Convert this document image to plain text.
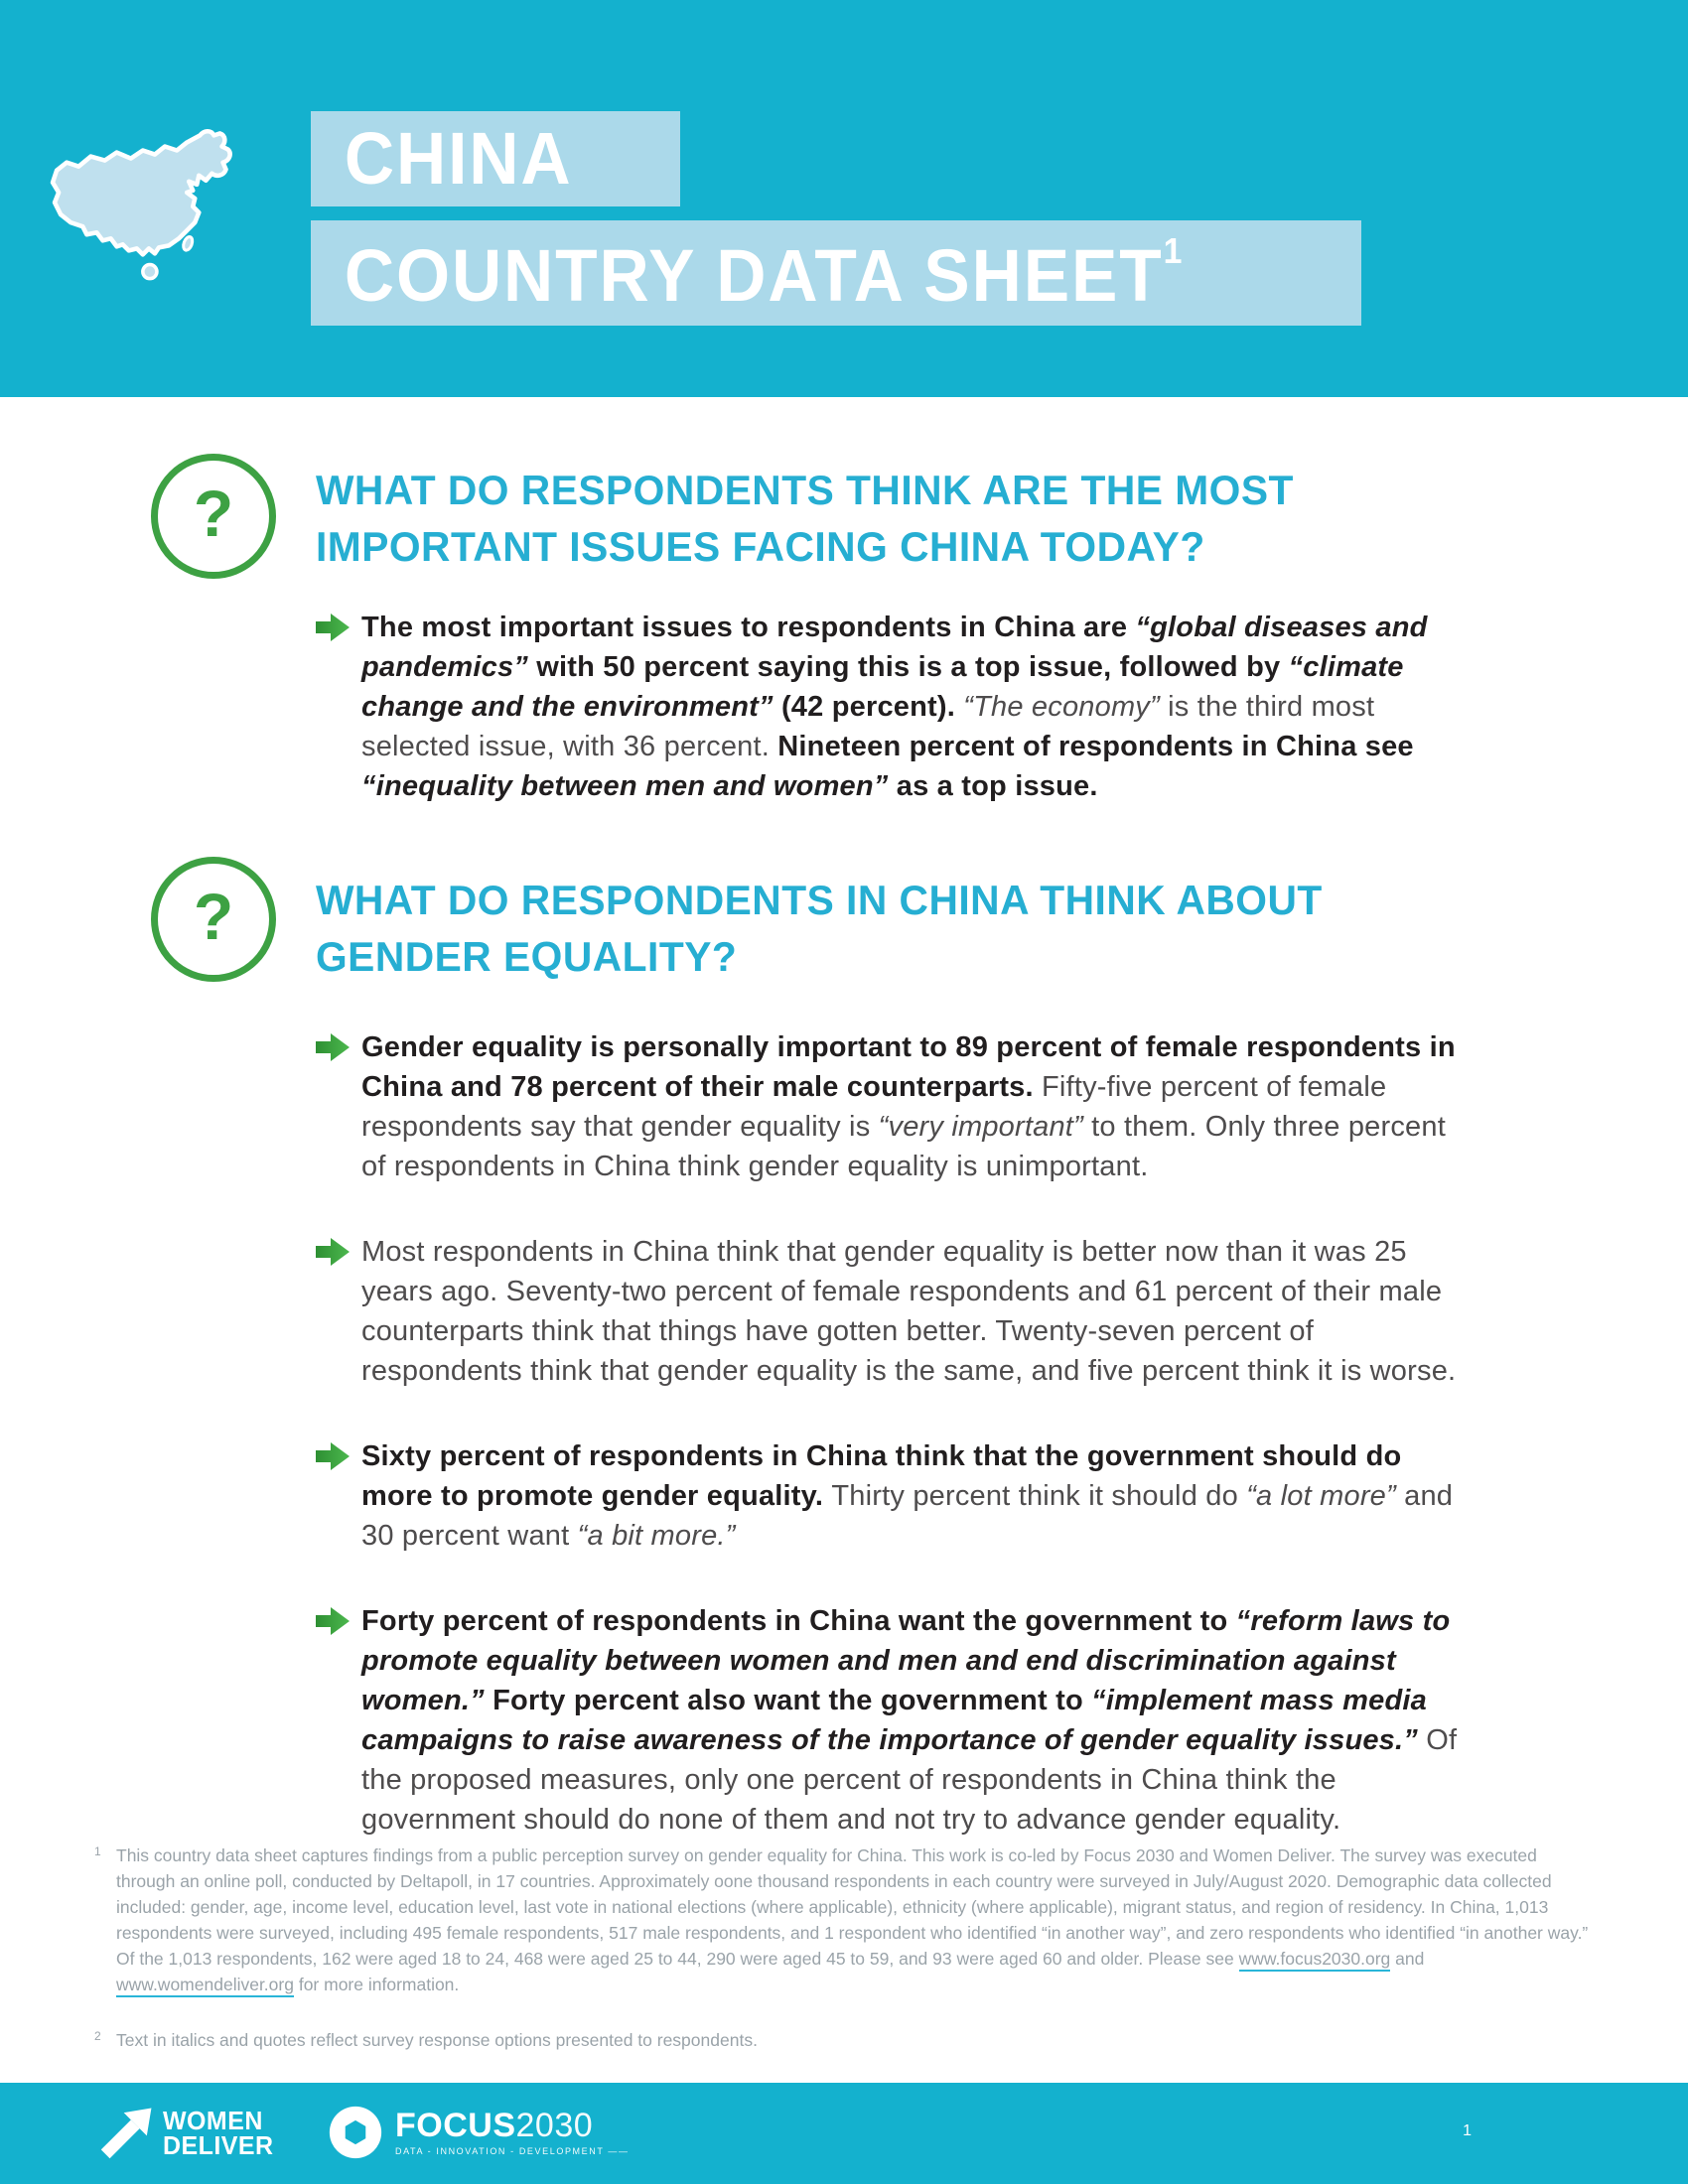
CHINA
COUNTRY DATA SHEET$^1$
? WHAT DO RESPONDENTS THINK ARE THE MOST
IMPORTANT ISSUES FACING CHINA TODAY?

The most important issues to respondents in China are “global diseases and pandemics” with 50 percent saying this is a top issue, followed by “climate change and the environment” (42 percent). “The economy” is the third most selected issue, with 36 percent. Nineteen percent of respondents in China see “inequality between men and women” as a top issue.

? WHAT DO RESPONDENTS IN CHINA THINK ABOUT
GENDER EQUALITY?

Gender equality is personally important to 89 percent of female respondents in China and 78 percent of their male counterparts. Fifty-five percent of female respondents say that gender equality is “very important” to them. Only three percent of respondents in China think gender equality is unimportant.

Most respondents in China think that gender equality is better now than it was 25 years ago. Seventy-two percent of female respondents and 61 percent of their male counterparts think that things have gotten better. Twenty-seven percent of respondents think that gender equality is the same, and five percent think it is worse.

Sixty percent of respondents in China think that the government should do more to promote gender equality. Thirty percent think it should do “a lot more” and 30 percent want “a bit more.”

Forty percent of respondents in China want the government to “reform laws to promote equality between women and men and end discrimination against women.” Forty percent also want the government to “implement mass media campaigns to raise awareness of the importance of gender equality issues.” Of the proposed measures, only one percent of respondents in China think the government should do none of them and not try to advance gender equality.

1 This country data sheet captures findings from a public perception survey on gender equality for China. This work is co-led by Focus 2030 and Women Deliver. The survey was executed through an online poll, conducted by Deltapoll, in 17 countries. Approximately oone thousand respondents in each country were surveyed in July/August 2020. Demographic data collected included: gender, age, income level, education level, last vote in national elections (where applicable), ethnicity (where applicable), migrant status, and region of residency. In China, 1,013 respondents were surveyed, including 495 female respondents, 517 male respondents, and 1 respondent who identified “in another way”, and zero respondents who identified “in another way.” Of the 1,013 respondents, 162 were aged 18 to 24, 468 were aged 25 to 44, 290 were aged 45 to 59, and 93 were aged 60 and older. Please see www.focus2030.org and www.womendeliver.org for more information.
2 Text in italics and quotes reflect survey response options presented to respondents.
WOMEN
DELIVER
FOCUS2030
DATA - INNOVATION - DEVELOPMENT ——
1
